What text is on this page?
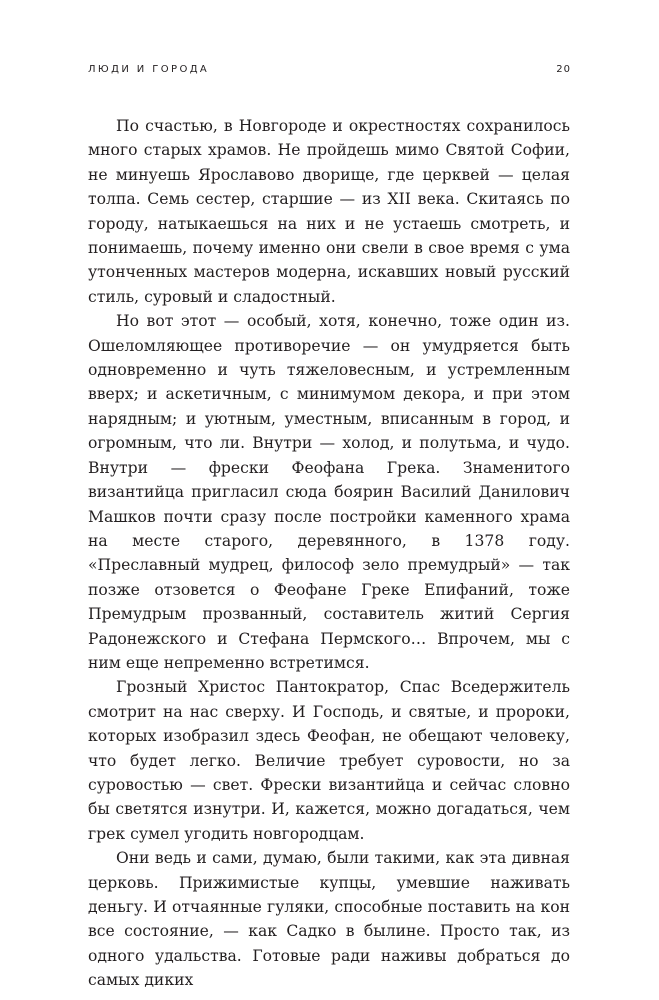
ЛЮДИ И ГОРОДА	20

По счастью, в Новгороде и окрестностях сохранилось много старых храмов. Не пройдешь мимо Святой Софии, не минуешь Ярославово дворище, где церквей — целая толпа. Семь сестер, старшие — из XII века. Скитаясь по городу, натыкаешься на них и не устаешь смотреть, и понимаешь, почему именно они свели в свое время с ума утонченных мастеров модерна, искавших новый русский стиль, суровый и сладостный.

Но вот этот — особый, хотя, конечно, тоже один из. Ошеломляющее противоречие — он умудряется быть одновременно и чуть тяжеловесным, и устремленным вверх; и аскетичным, с минимумом декора, и при этом нарядным; и уютным, уместным, вписанным в город, и огромным, что ли. Внутри — холод, и полутьма, и чудо. Внутри — фрески Феофана Грека. Знаменитого византийца пригласил сюда боярин Василий Данилович Машков почти сразу после постройки каменного храма на месте старого, деревянного, в 1378 году. «Преславный мудрец, философ зело премудрый» — так позже отзовется о Феофане Греке Епифаний, тоже Премудрым прозванный, составитель житий Сергия Радонежского и Стефана Пермского… Впрочем, мы с ним еще непременно встретимся.

Грозный Христос Пантократор, Спас Вседержитель смотрит на нас сверху. И Господь, и святые, и пророки, которых изобразил здесь Феофан, не обещают человеку, что будет легко. Величие требует суровости, но за суровостью — свет. Фрески византийца и сейчас словно бы светятся изнутри. И, кажется, можно догадаться, чем грек сумел угодить новгородцам.

Они ведь и сами, думаю, были такими, как эта дивная церковь. Прижимистые купцы, умевшие наживать деньгу. И отчаянные гуляки, способные поставить на кон все состояние, — как Садко в былине. Просто так, из одного удальства. Готовые ради наживы добраться до самых диких
